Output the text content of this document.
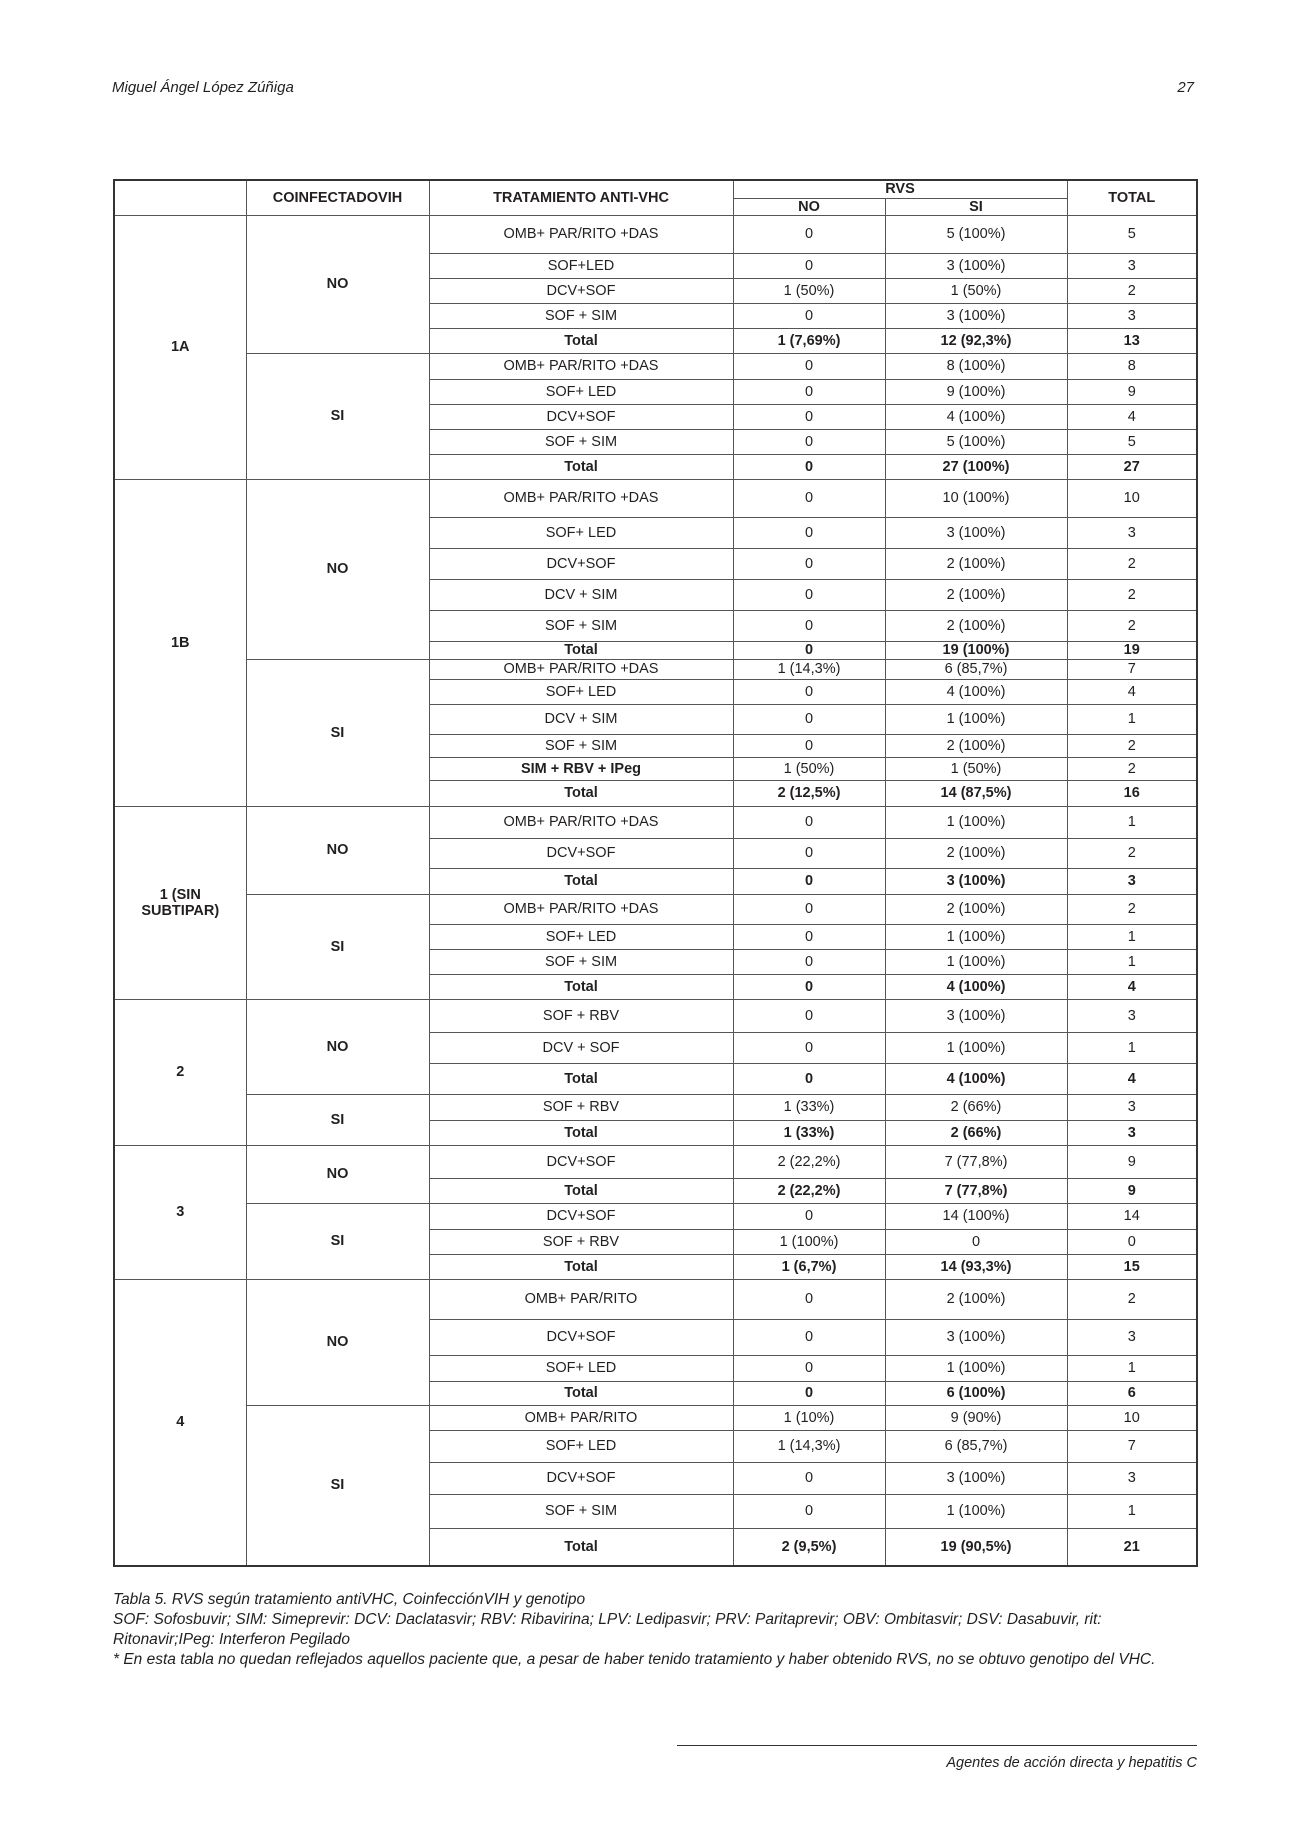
Miguel Ángel López Zúñiga	27
	COINFECTADOVIH	TRATAMIENTO ANTI-VHC	RVS		TOTAL
			NO	SI	
1A	NO	OMB+ PAR/RITO +DAS	0	5 (100%)	5
		SOF+LED	0	3 (100%)	3
		DCV+SOF	1 (50%)	1 (50%)	2
		SOF + SIM	0	3 (100%)	3
		Total	1 (7,69%)	12 (92,3%)	13
	SI	OMB+ PAR/RITO +DAS	0	8 (100%)	8
		SOF+ LED	0	9 (100%)	9
		DCV+SOF	0	4 (100%)	4
		SOF + SIM	0	5 (100%)	5
		Total	0	27 (100%)	27
1B	NO	OMB+ PAR/RITO +DAS	0	10 (100%)	10
		SOF+ LED	0	3 (100%)	3
		DCV+SOF	0	2 (100%)	2
		DCV + SIM	0	2 (100%)	2
		SOF + SIM	0	2 (100%)	2
		Total	0	19 (100%)	19
	SI	OMB+ PAR/RITO +DAS	1 (14,3%)	6 (85,7%)	7
		SOF+ LED	0	4 (100%)	4
		DCV + SIM	0	1 (100%)	1
		SOF + SIM	0	2 (100%)	2
		SIM + RBV + IPeg	1 (50%)	1 (50%)	2
		Total	2 (12,5%)	14 (87,5%)	16
1 (SIN SUBTIPAR)	NO	OMB+ PAR/RITO +DAS	0	1 (100%)	1
		DCV+SOF	0	2 (100%)	2
		Total	0	3 (100%)	3
	SI	OMB+ PAR/RITO +DAS	0	2 (100%)	2
		SOF+ LED	0	1 (100%)	1
		SOF + SIM	0	1 (100%)	1
		Total	0	4 (100%)	4
2	NO	SOF + RBV	0	3 (100%)	3
		DCV + SOF	0	1 (100%)	1
		Total	0	4 (100%)	4
	SI	SOF + RBV	1 (33%)	2 (66%)	3
		Total	1 (33%)	2 (66%)	3
3	NO	DCV+SOF	2 (22,2%)	7 (77,8%)	9
		Total	2 (22,2%)	7 (77,8%)	9
	SI	DCV+SOF	0	14 (100%)	14
		SOF + RBV	1 (100%)	0	0
		Total	1 (6,7%)	14 (93,3%)	15
4	NO	OMB+ PAR/RITO	0	2 (100%)	2
		DCV+SOF	0	3 (100%)	3
		SOF+ LED	0	1 (100%)	1
		Total	0	6 (100%)	6
	SI	OMB+ PAR/RITO	1 (10%)	9 (90%)	10
		SOF+ LED	1 (14,3%)	6 (85,7%)	7
		DCV+SOF	0	3 (100%)	3
		SOF + SIM	0	1 (100%)	1
		Total	2 (9,5%)	19 (90,5%)	21
Tabla 5. RVS según tratamiento antiVHC, CoinfecciónVIH y genotipo
SOF: Sofosbuvir; SIM: Simeprevir: DCV: Daclatasvir; RBV: Ribavirina; LPV: Ledipasvir; PRV: Paritaprevir; OBV: Ombitasvir; DSV: Dasabuvir, rit: Ritonavir;IPeg: Interferon Pegilado
* En esta tabla no quedan reflejados aquellos paciente que, a pesar de haber tenido tratamiento y haber obtenido RVS, no se obtuvo genotipo del VHC.
Agentes de acción directa y hepatitis C
